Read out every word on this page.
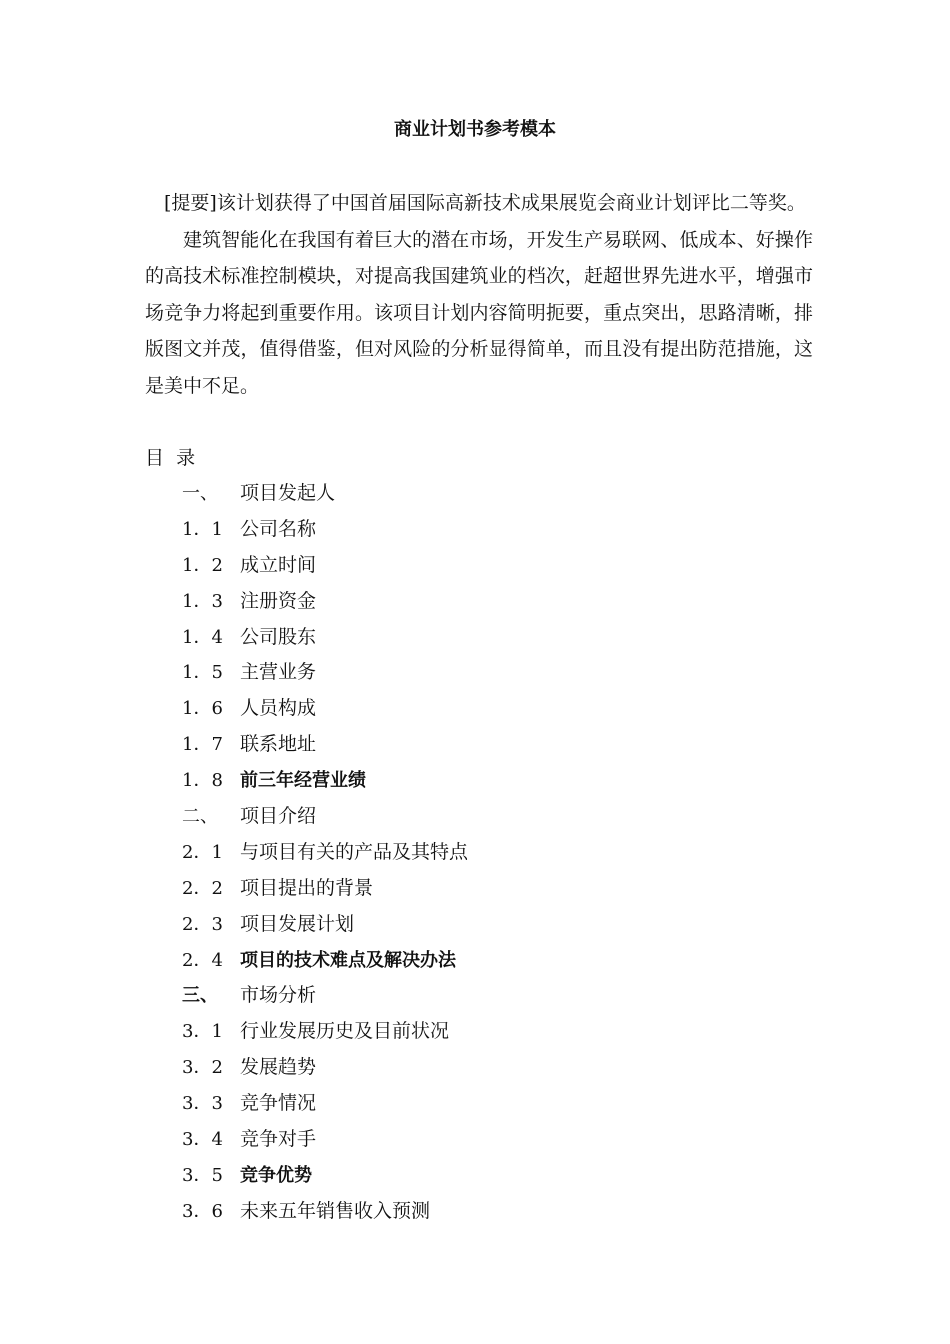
商业计划书参考模本

[提要]该计划获得了中国首届国际高新技术成果展览会商业计划评比二等奖。

建筑智能化在我国有着巨大的潜在市场，开发生产易联网、低成本、好操作的高技术标准控制模块，对提高我国建筑业的档次，赶超世界先进水平，增强市场竞争力将起到重要作用。该项目计划内容简明扼要，重点突出，思路清晰，排版图文并茂，值得借鉴，但对风险的分析显得简单，而且没有提出防范措施，这是美中不足。

目  录
一、	项目发起人
1．1 公司名称
1．2 成立时间
1．3 注册资金
1．4 公司股东
1．5 主营业务
1．6 人员构成
1．7 联系地址
1．8 前三年经营业绩
二、	项目介绍
2．1 与项目有关的产品及其特点
2．2 项目提出的背景
2．3 项目发展计划
2．4 项目的技术难点及解决办法
三、	市场分析
3．1 行业发展历史及目前状况
3．2 发展趋势
3．3 竞争情况
3．4 竞争对手
3．5 竞争优势
3．6 未来五年销售收入预测
